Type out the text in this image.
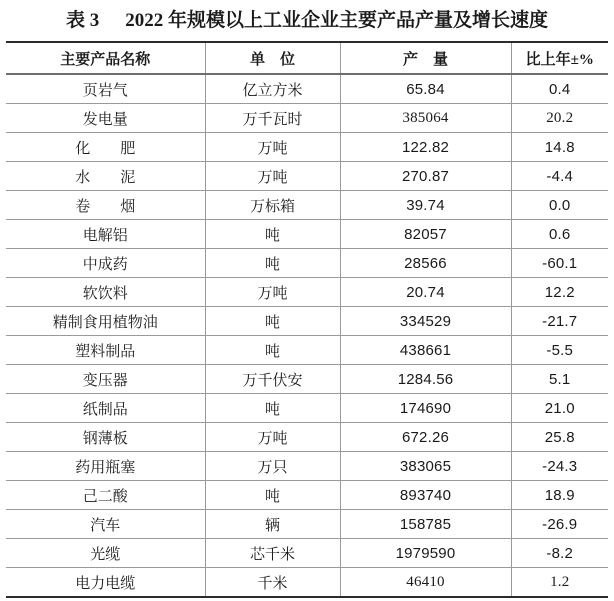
表 3 2022 年规模以上工业企业主要产品产量及增长速度
主要产品名称	单　位	产　量	比上年±%
页岩气	亿立方米	65.84	0.4
发电量	万千瓦时	385064	20.2
化　　肥	万吨	122.82	14.8
水　　泥	万吨	270.87	-4.4
卷　　烟	万标箱	39.74	0.0
电解铝	吨	82057	0.6
中成药	吨	28566	-60.1
软饮料	万吨	20.74	12.2
精制食用植物油	吨	334529	-21.7
塑料制品	吨	438661	-5.5
变压器	万千伏安	1284.56	5.1
纸制品	吨	174690	21.0
钢薄板	万吨	672.26	25.8
药用瓶塞	万只	383065	-24.3
己二酸	吨	893740	18.9
汽车	辆	158785	-26.9
光缆	芯千米	1979590	-8.2
电力电缆	千米	46410	1.2
